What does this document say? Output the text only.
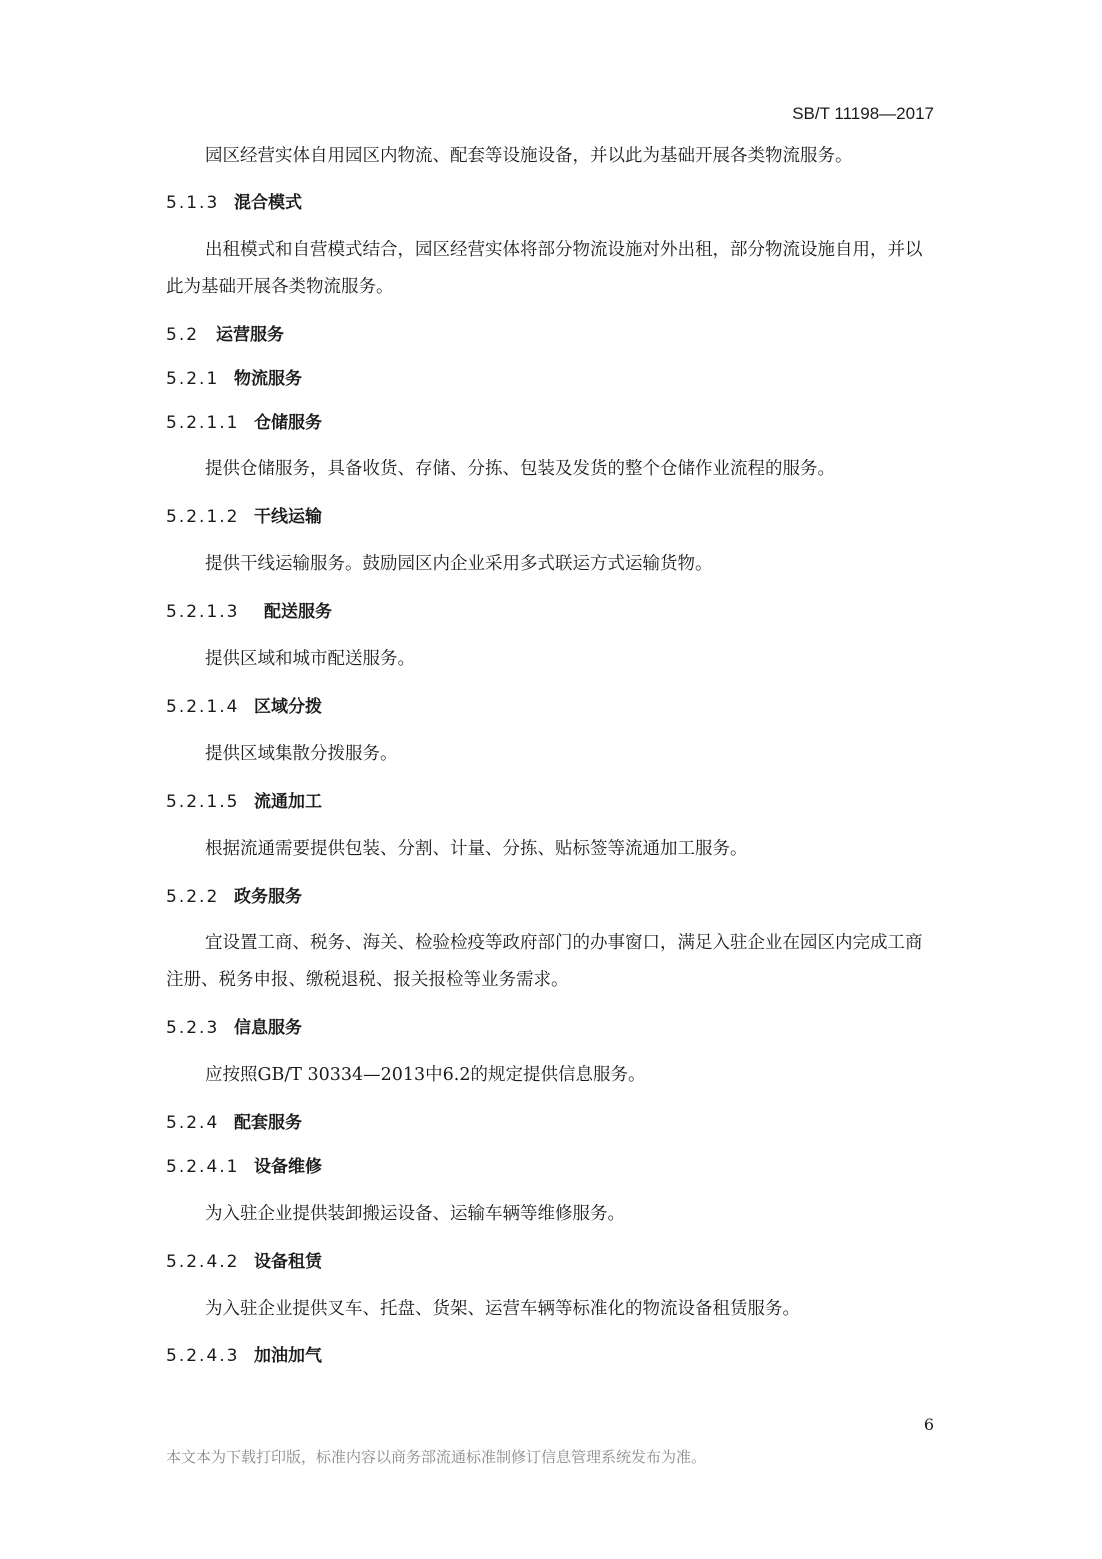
SB/T 11198—2017
园区经营实体自用园区内物流、配套等设施设备，并以此为基础开展各类物流服务。
5.1.3 混合模式
出租模式和自营模式结合，园区经营实体将部分物流设施对外出租，部分物流设施自用，并以此为基础开展各类物流服务。
5.2 运营服务
5.2.1 物流服务
5.2.1.1 仓储服务
提供仓储服务，具备收货、存储、分拣、包装及发货的整个仓储作业流程的服务。
5.2.1.2 干线运输
提供干线运输服务。鼓励园区内企业采用多式联运方式运输货物。
5.2.1.3 配送服务
提供区域和城市配送服务。
5.2.1.4 区域分拨
提供区域集散分拨服务。
5.2.1.5 流通加工
根据流通需要提供包装、分割、计量、分拣、贴标签等流通加工服务。
5.2.2 政务服务
宜设置工商、税务、海关、检验检疫等政府部门的办事窗口，满足入驻企业在园区内完成工商注册、税务申报、缴税退税、报关报检等业务需求。
5.2.3 信息服务
应按照GB/T 30334—2013中6.2的规定提供信息服务。
5.2.4 配套服务
5.2.4.1 设备维修
为入驻企业提供装卸搬运设备、运输车辆等维修服务。
5.2.4.2 设备租赁
为入驻企业提供叉车、托盘、货架、运营车辆等标准化的物流设备租赁服务。
5.2.4.3 加油加气
6
本文本为下载打印版，标准内容以商务部流通标准制修订信息管理系统发布为准。
